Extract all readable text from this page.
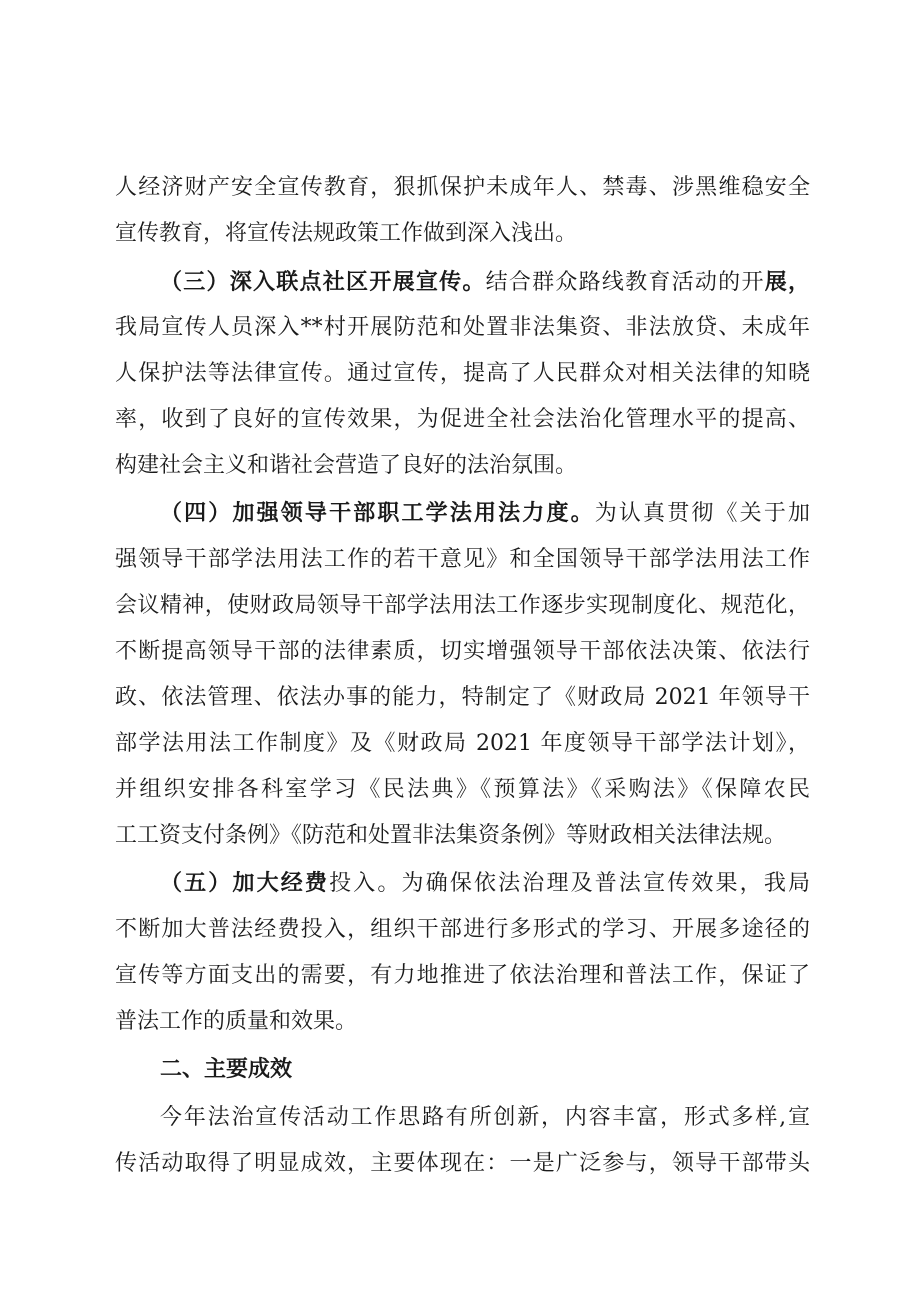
人经济财产安全宣传教育，狠抓保护未成年人、禁毒、涉黑维稳安全
宣传教育，将宣传法规政策工作做到深入浅出。
（三）深入联点社区开展宣传。结合群众路线教育活动的开展，
我局宣传人员深入**村开展防范和处置非法集资、非法放贷、未成年
人保护法等法律宣传。通过宣传，提高了人民群众对相关法律的知晓
率，收到了良好的宣传效果，为促进全社会法治化管理水平的提高、
构建社会主义和谐社会营造了良好的法治氛围。
（四）加强领导干部职工学法用法力度。为认真贯彻《关于加
强领导干部学法用法工作的若干意见》和全国领导干部学法用法工作
会议精神，使财政局领导干部学法用法工作逐步实现制度化、规范化，
不断提高领导干部的法律素质，切实增强领导干部依法决策、依法行
政、依法管理、依法办事的能力，特制定了《财政局 2021 年领导干
部学法用法工作制度》及《财政局 2021 年度领导干部学法计划》，
并组织安排各科室学习《民法典》《预算法》《采购法》《保障农民
工工资支付条例》《防范和处置非法集资条例》等财政相关法律法规。
（五）加大经费投入。为确保依法治理及普法宣传效果，我局
不断加大普法经费投入，组织干部进行多形式的学习、开展多途径的
宣传等方面支出的需要，有力地推进了依法治理和普法工作，保证了
普法工作的质量和效果。
二、主要成效
今年法治宣传活动工作思路有所创新，内容丰富，形式多样,宣
传活动取得了明显成效，主要体现在：一是广泛参与，领导干部带头
